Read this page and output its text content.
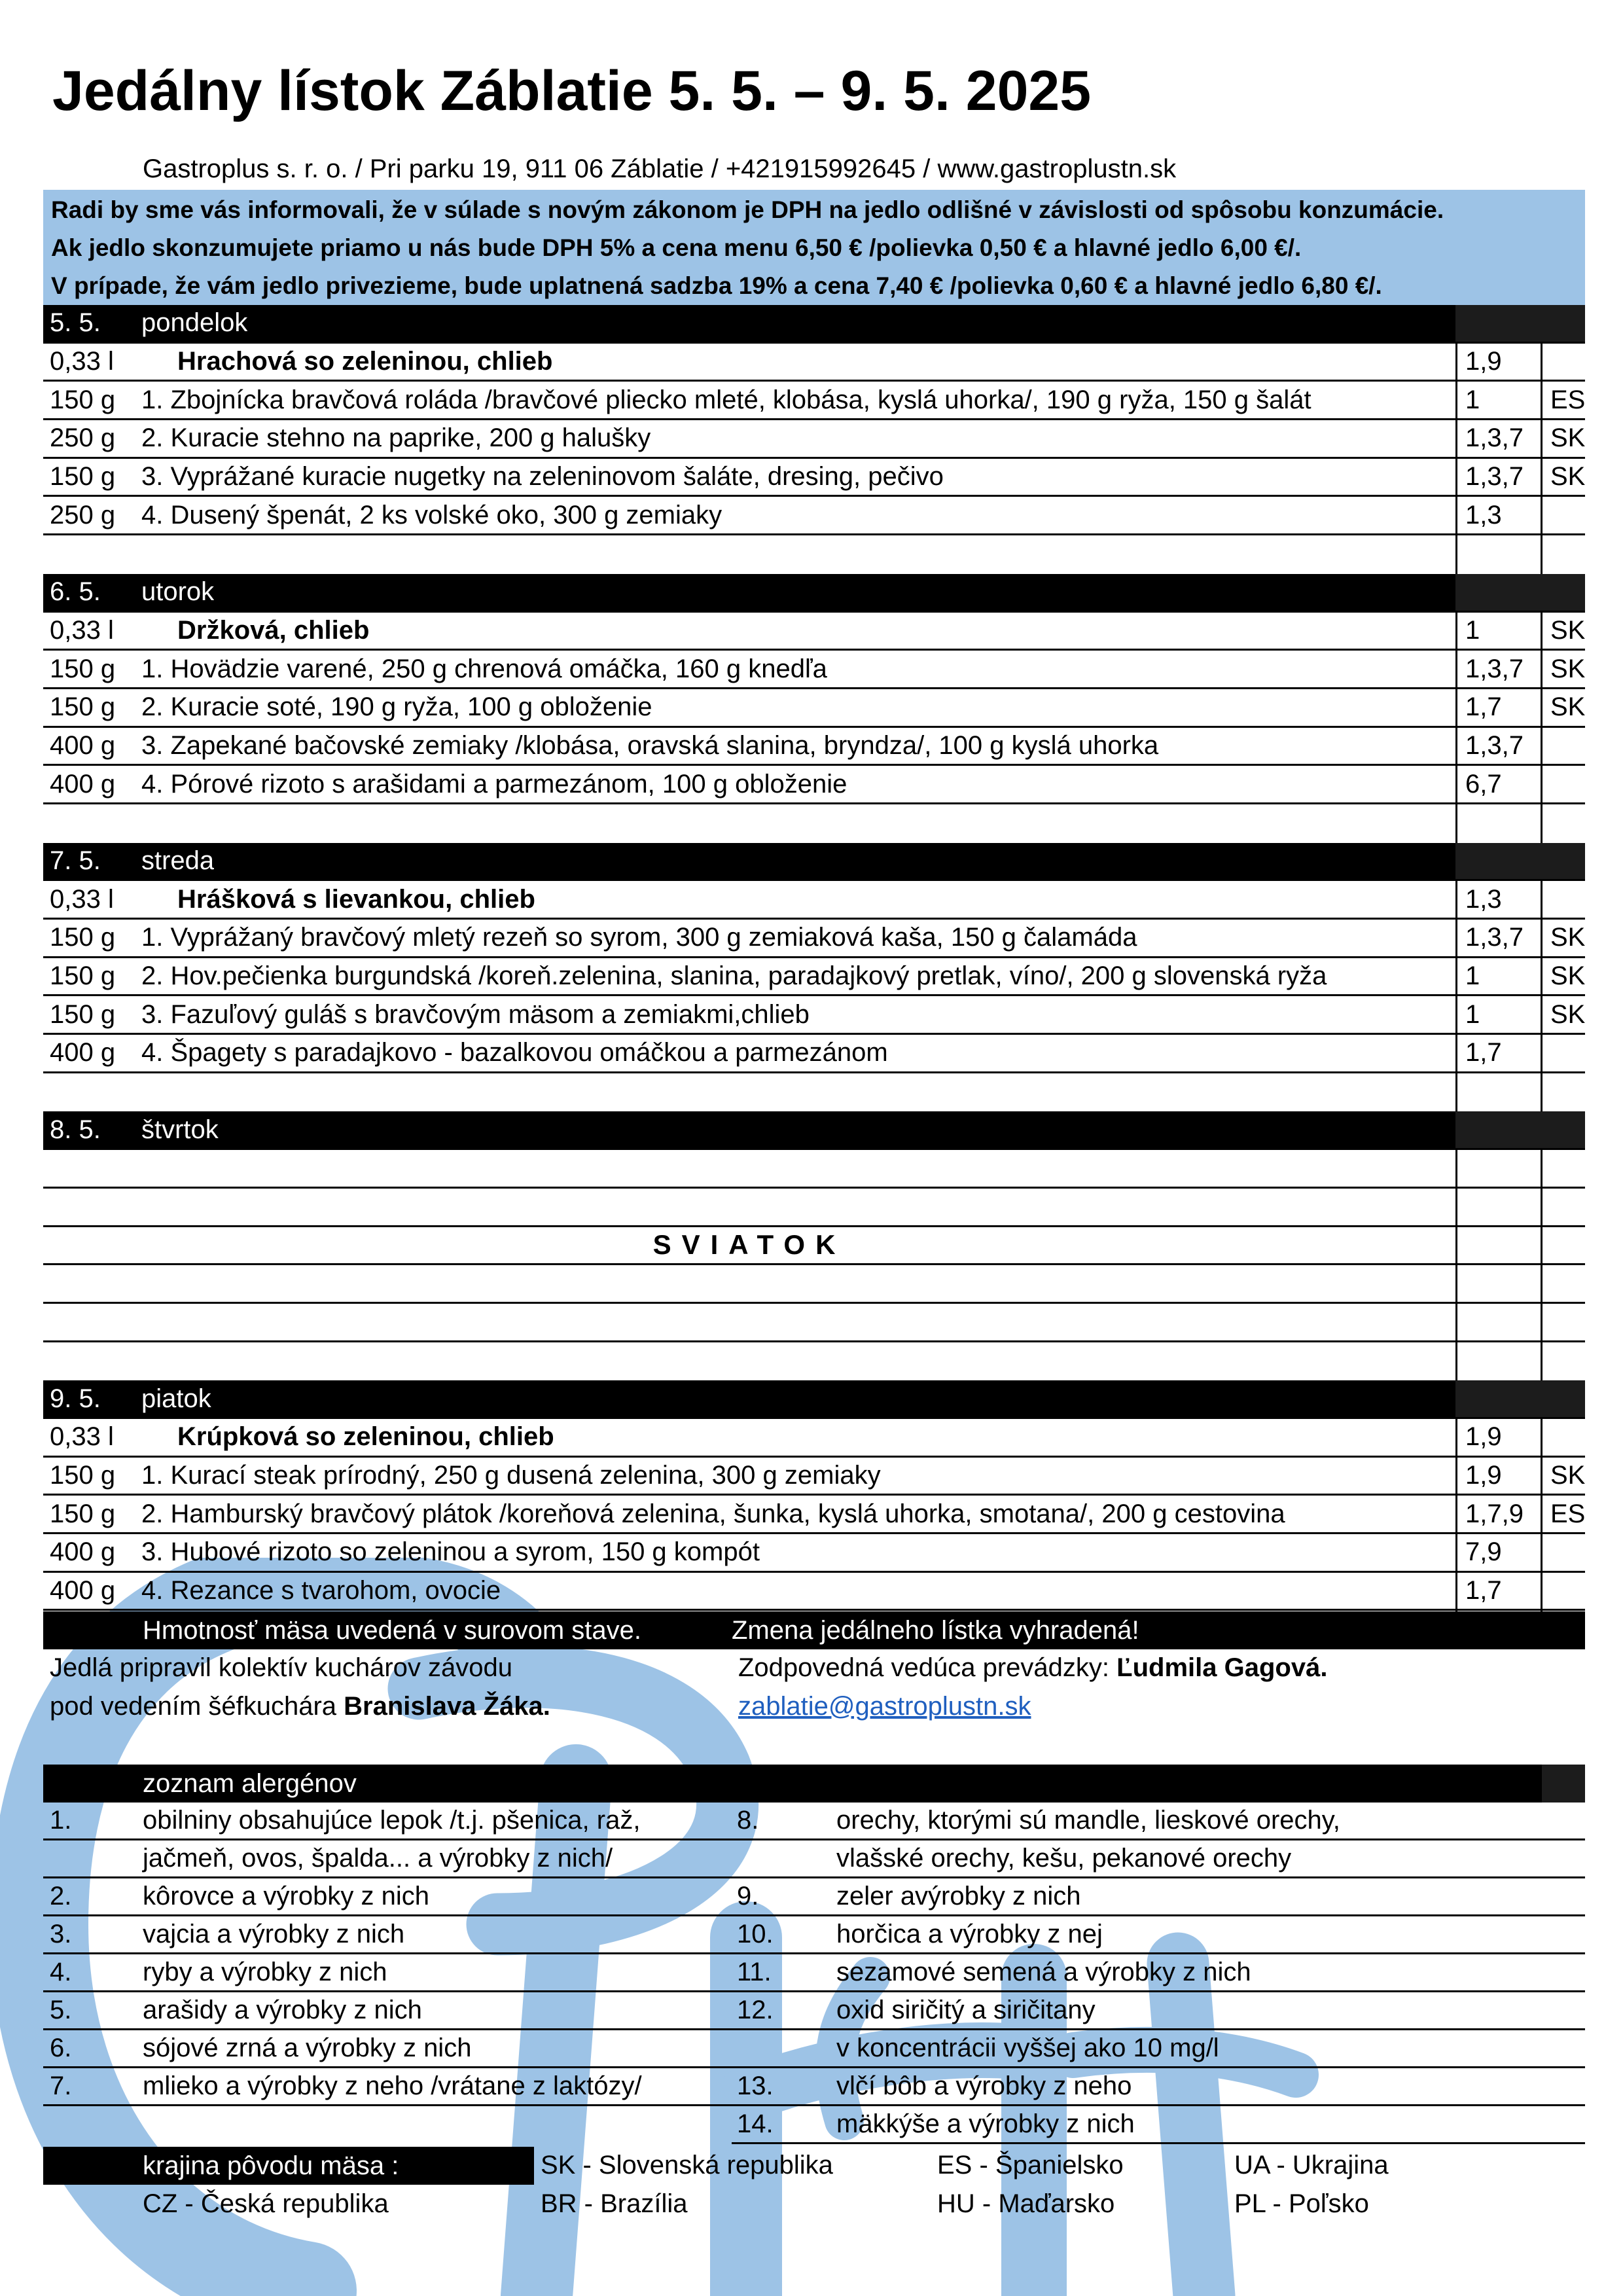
Jedálny lístok Záblatie 5. 5. – 9. 5. 2025
Gastroplus s. r. o. / Pri parku 19, 911 06 Záblatie / +421915992645 / www.gastroplustn.sk
Radi by sme vás informovali, že v súlade s novým zákonom je DPH na jedlo odlišné v závislosti od spôsobu konzumácie.
Ak jedlo skonzumujete priamo u nás bude DPH 5% a cena menu 6,50 € /polievka 0,50 € a hlavné jedlo 6,00 €/.
V prípade, že vám jedlo privezieme, bude uplatnená sadzba 19% a cena 7,40 € /polievka 0,60 € a hlavné jedlo 6,80 €/.
5. 5.	pondelok
0,33 l	Hrachová so zeleninou, chlieb	1,9
150 g 1. Zbojnícka bravčová roláda /bravčové pliecko mleté, klobása, kyslá uhorka/, 190 g ryža, 150 g šalát	1	ES
250 g 2. Kuracie stehno na paprike, 200 g halušky	1,3,7	SK
150 g 3. Vyprážané kuracie nugetky na zeleninovom šaláte, dresing, pečivo	1,3,7	SK
250 g 4. Dusený špenát, 2 ks volské oko, 300 g zemiaky	1,3
6. 5.	utorok
0,33 l	Držková, chlieb	1	SK
150 g 1. Hovädzie varené, 250 g chrenová omáčka, 160 g knedľa	1,3,7	SK
150 g 2. Kuracie soté, 190 g ryža, 100 g obloženie	1,7	SK
400 g 3. Zapekané bačovské zemiaky /klobása, oravská slanina, bryndza/, 100 g kyslá uhorka	1,3,7
400 g 4. Pórové rizoto s arašidami a parmezánom, 100 g obloženie	6,7
7. 5.	streda
0,33 l	Hrášková s lievankou, chlieb	1,3
150 g 1. Vyprážaný bravčový mletý rezeň so syrom, 300 g zemiaková kaša, 150 g čalamáda	1,3,7	SK
150 g 2. Hov.pečienka burgundská /koreň.zelenina, slanina, paradajkový pretlak, víno/, 200 g slovenská ryža	1	SK
150 g 3. Fazuľový guláš s bravčovým mäsom a zemiakmi,chlieb	1	SK
400 g 4. Špagety s paradajkovo - bazalkovou omáčkou a parmezánom	1,7
8. 5.	štvrtok
SVIATOK
9. 5.	piatok
0,33 l	Krúpková so zeleninou, chlieb	1,9
150 g 1. Kurací steak prírodný, 250 g dusená zelenina, 300 g zemiaky	1,9	SK
150 g 2. Hamburský bravčový plátok /koreňová zelenina, šunka, kyslá uhorka, smotana/, 200 g cestovina	1,7,9	ES
400 g 3. Hubové rizoto so zeleninou a syrom, 150 g kompót	7,9
400 g 4. Rezance s tvarohom, ovocie	1,7
Hmotnosť mäsa uvedená v surovom stave.	Zmena jedálneho lístka vyhradená!
Jedlá pripravil kolektív kuchárov závodu
pod vedením šéfkuchára Branislava Žáka.
Zodpovedná vedúca prevádzky: Ľudmila Gagová.
zablatie@gastroplustn.sk
zoznam alergénov
1.	obilniny obsahujúce lepok /t.j. pšenica, raž,
jačmeň, ovos, špalda... a výrobky z nich/
2.	kôrovce a výrobky z nich
3.	vajcia a výrobky z nich
4.	ryby a výrobky z nich
5.	arašidy a výrobky z nich
6.	sójové zrná a výrobky z nich
7.	mlieko a výrobky z neho /vrátane z laktózy/
8.	orechy, ktorými sú mandle, lieskové orechy,
vlašské orechy, kešu, pekanové orechy
9.	zeler avýrobky z nich
10. horčica a výrobky z nej
11. sezamové semená a výrobky z nich
12. oxid siričitý a siričitany
v koncentrácii vyššej ako 10 mg/l
13. vlčí bôb a výrobky z neho
14. mäkkýše a výrobky z nich
krajina pôvodu mäsa :	SK - Slovenská republika	ES - Španielsko	UA - Ukrajina
CZ - Česká republika	BR - Brazília	HU - Maďarsko	PL - Poľsko
